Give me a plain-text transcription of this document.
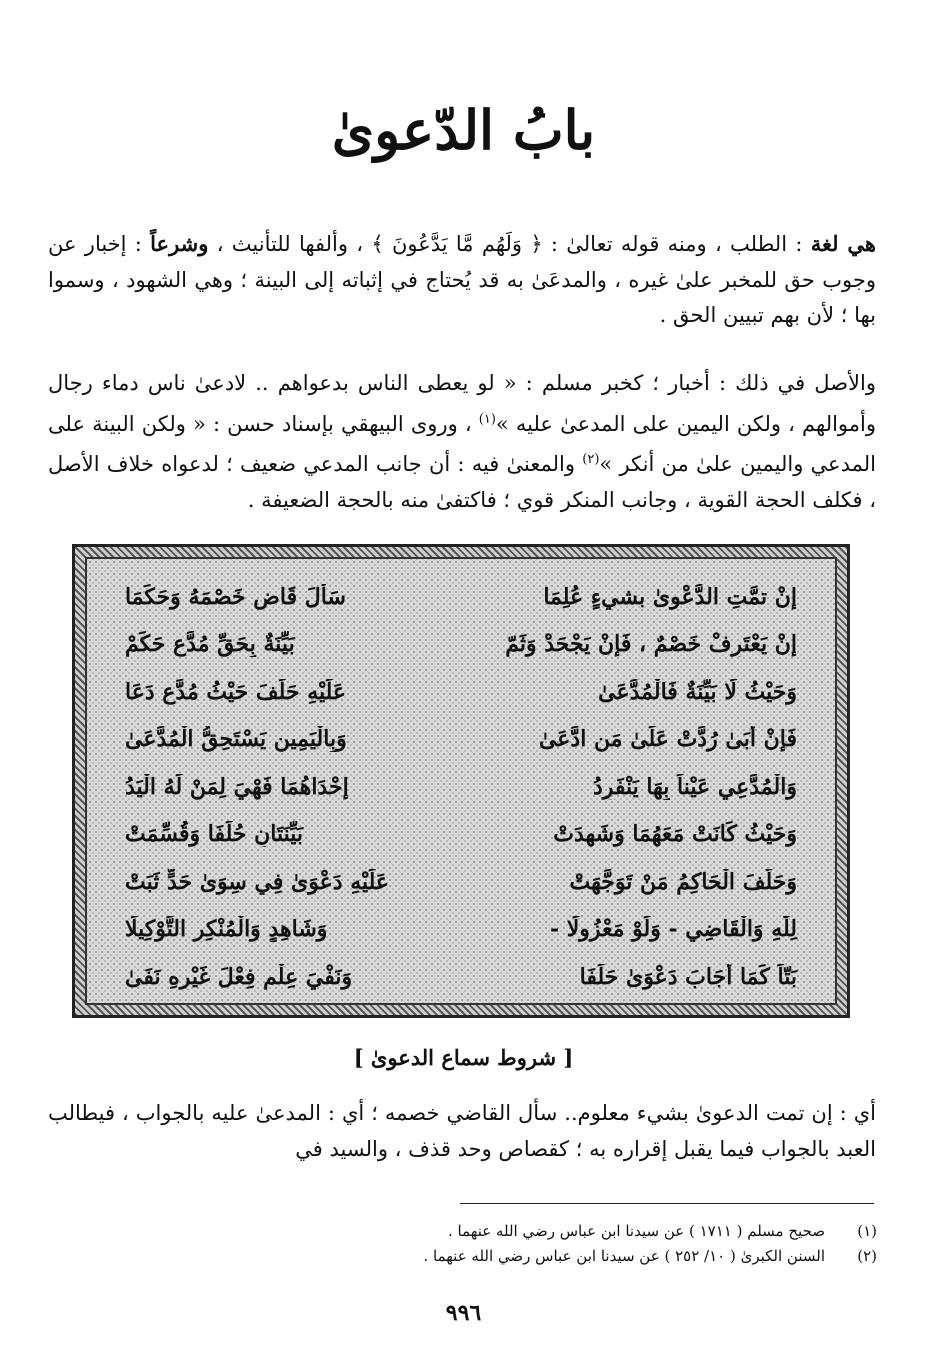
بابُ الدّعوىٰ

هي لغة : الطلب ، ومنه قوله تعالىٰ : ﴿ وَلَهُم مَّا يَدَّعُونَ ﴾ ، وألفها للتأنيث ، وشرعاً : إخبار عن وجوب حق للمخبر علىٰ غيره ، والمدعَىٰ به قد يُحتاج في إثباته إلى البينة ؛ وهي الشهود ، وسموا بها ؛ لأن بهم تبيين الحق .

والأصل في ذلك : أخبار ؛ كخبر مسلم : « لو يعطى الناس بدعواهم .. لادعىٰ ناس دماء رجال وأموالهم ، ولكن اليمين على المدعىٰ عليه »$^{(١)}$ ، وروى البيهقي بإسناد حسن : « ولكن البينة على المدعي واليمين علىٰ من أنكر »$^{(٢)}$ والمعنىٰ فيه : أن جانب المدعي ضعيف ؛ لدعواه خلاف الأصل ، فكلف الحجة القوية ، وجانب المنكر قوي ؛ فاكتفىٰ منه بالحجة الضعيفة .

إنْ تمَّتِ الدَّعْوىٰ بشيءٍ عُلِمَا
سَأَلَ قَاضٍ خَصْمَهُ وَحَكَمَا
إنْ يَعْتَرِفْ خَصْمٌ ، فَإِنْ يَجْحَدْ وَثَمّ
بَيِّنَةٌ بِحَقِّ مُدَّعٍ حَكَمْ
وَحَيْثُ لَا بَيِّنَةٌ فَالْمُدَّعَىٰ
عَلَيْهِ حَلَفَ حَيْثُ مُدَّعٍ دَعَا
فَإِنْ أَبَىٰ رُدَّتْ عَلَىٰ مَنِ ادَّعَىٰ
وَبِالْيَمِينِ يَسْتَحِقُّ الْمُدَّعَىٰ
وَالْمُدَّعِي عَيْناً بِهَا يَنْفَرِدُ
إِحْدَاهُمَا فَهْيَ لِمَنْ لَهُ الْيَدُ
وَحَيْثُ كَانَتْ مَعَهُمَا وَشَهِدَتْ
بَيِّنَتَانِ حُلِّفَا وَقُسِّمَتْ
وَحَلَّفَ الْحَاكِمُ مَنْ تَوَجَّهَتْ
عَلَيْهِ دَعْوَىٰ فِي سِوَىٰ حَدٍّ ثَبَتْ
لِلّٰهِ وَالْقَاضِي - وَلَوْ مَعْزُولَا -
وَشَاهِدٍ وَالْمُنْكِرِ التَّوْكِيلَا
بَتّاً كَمَا أَجَابَ دَعْوَىٰ حَلَفَا
وَنَفْيَ عِلْمٍ فِعْلَ غَيْرِهِ نَفَىٰ
[ شروط سماع الدعوىٰ ]

أي : إن تمت الدعوىٰ بشيء معلوم.. سأل القاضي خصمه ؛ أي : المدعىٰ عليه بالجواب ، فيطالب العبد بالجواب فيما يقبل إقراره به ؛ كقصاص وحد قذف ، والسيد في

(١)
صحيح مسلم ( ١٧١١ ) عن سيدنا ابن عباس رضي الله عنهما .
(٢)
السنن الكبرىٰ ( ١٠/ ٢٥٢ ) عن سيدنا ابن عباس رضي الله عنهما .
٩٩٦
